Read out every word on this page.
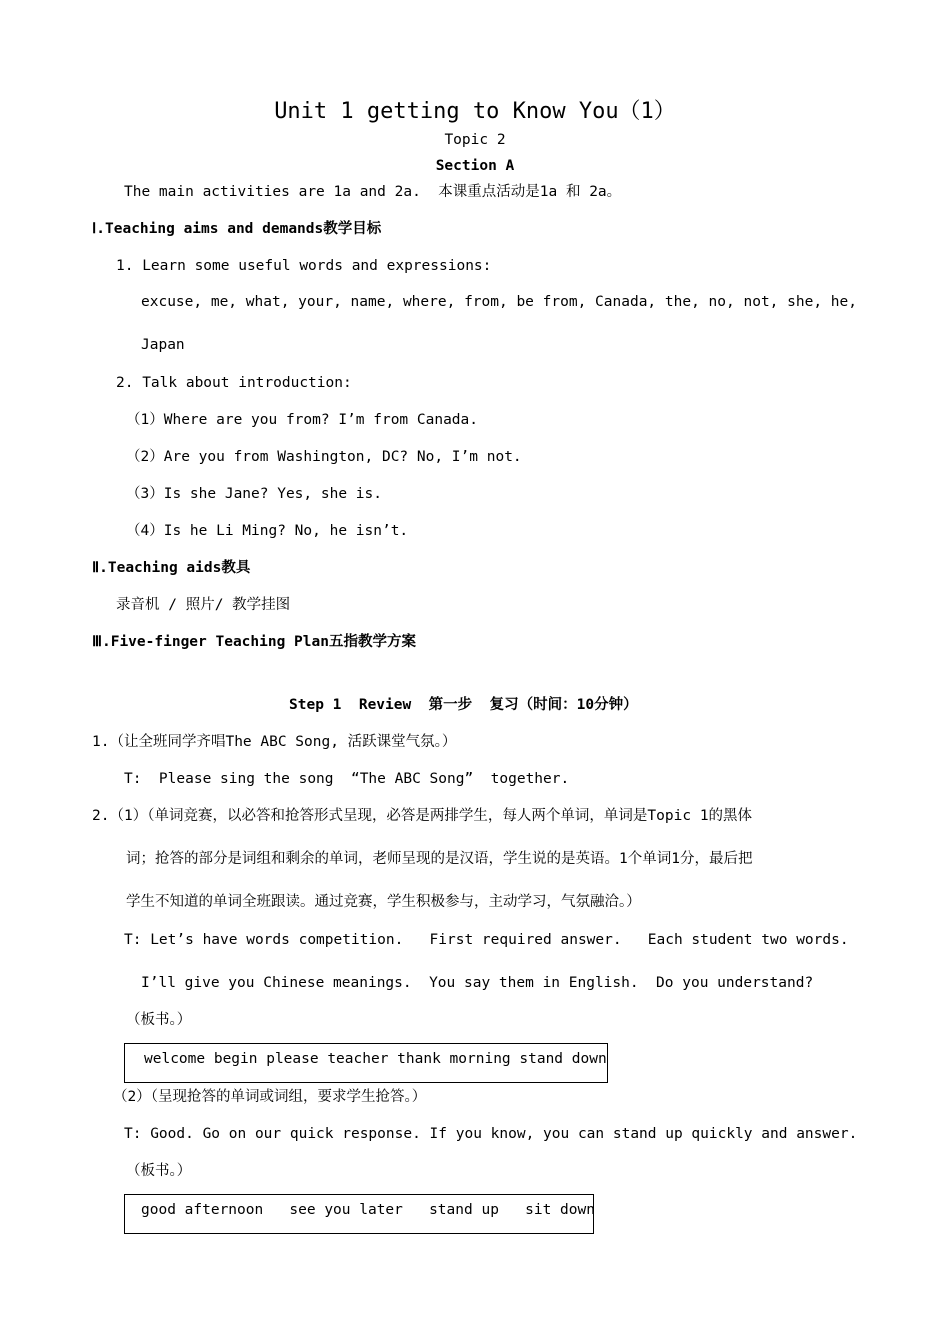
Unit 1 getting to Know You（1）
Topic 2
Section A
The main activities are 1a and 2a.  本课重点活动是1a 和 2a。
Ⅰ.Teaching aims and demands教学目标
1. Learn some useful words and expressions:
excuse, me, what, your, name, where, from, be from, Canada, the, no, not, she, he, Japan
2. Talk about introduction:
（1）Where are you from? I’m from Canada.
（2）Are you from Washington, DC? No, I’m not.
（3）Is she Jane? Yes, she is.
（4）Is he Li Ming? No, he isn’t.
Ⅱ.Teaching aids教具
录音机 / 照片/ 教学挂图
Ⅲ.Five-finger Teaching Plan五指教学方案
Step 1  Review  第一步  复习（时间：10分钟）
1.（让全班同学齐唱The ABC Song, 活跃课堂气氛。）
T:  Please sing the song  “The ABC Song”  together.
2.（1）（单词竞赛，以必答和抢答形式呈现，必答是两排学生，每人两个单词，单词是Topic 1的黑体
词；抢答的部分是词组和剩余的单词，老师呈现的是汉语，学生说的是英语。1个单词1分，最后把
学生不知道的单词全班跟读。通过竞赛，学生积极参与，主动学习，气氛融洽。）
T: Let’s have words competition.   First required answer.   Each student two words.
I’ll give you Chinese meanings.  You say them in English.  Do you understand?
（板书。）

welcome begin please teacher thank morning stand down

（2）（呈现抢答的单词或词组，要求学生抢答。）
T: Good. Go on our quick response. If you know, you can stand up quickly and answer.
（板书。）

good afternoon   see you later   stand up   sit down
